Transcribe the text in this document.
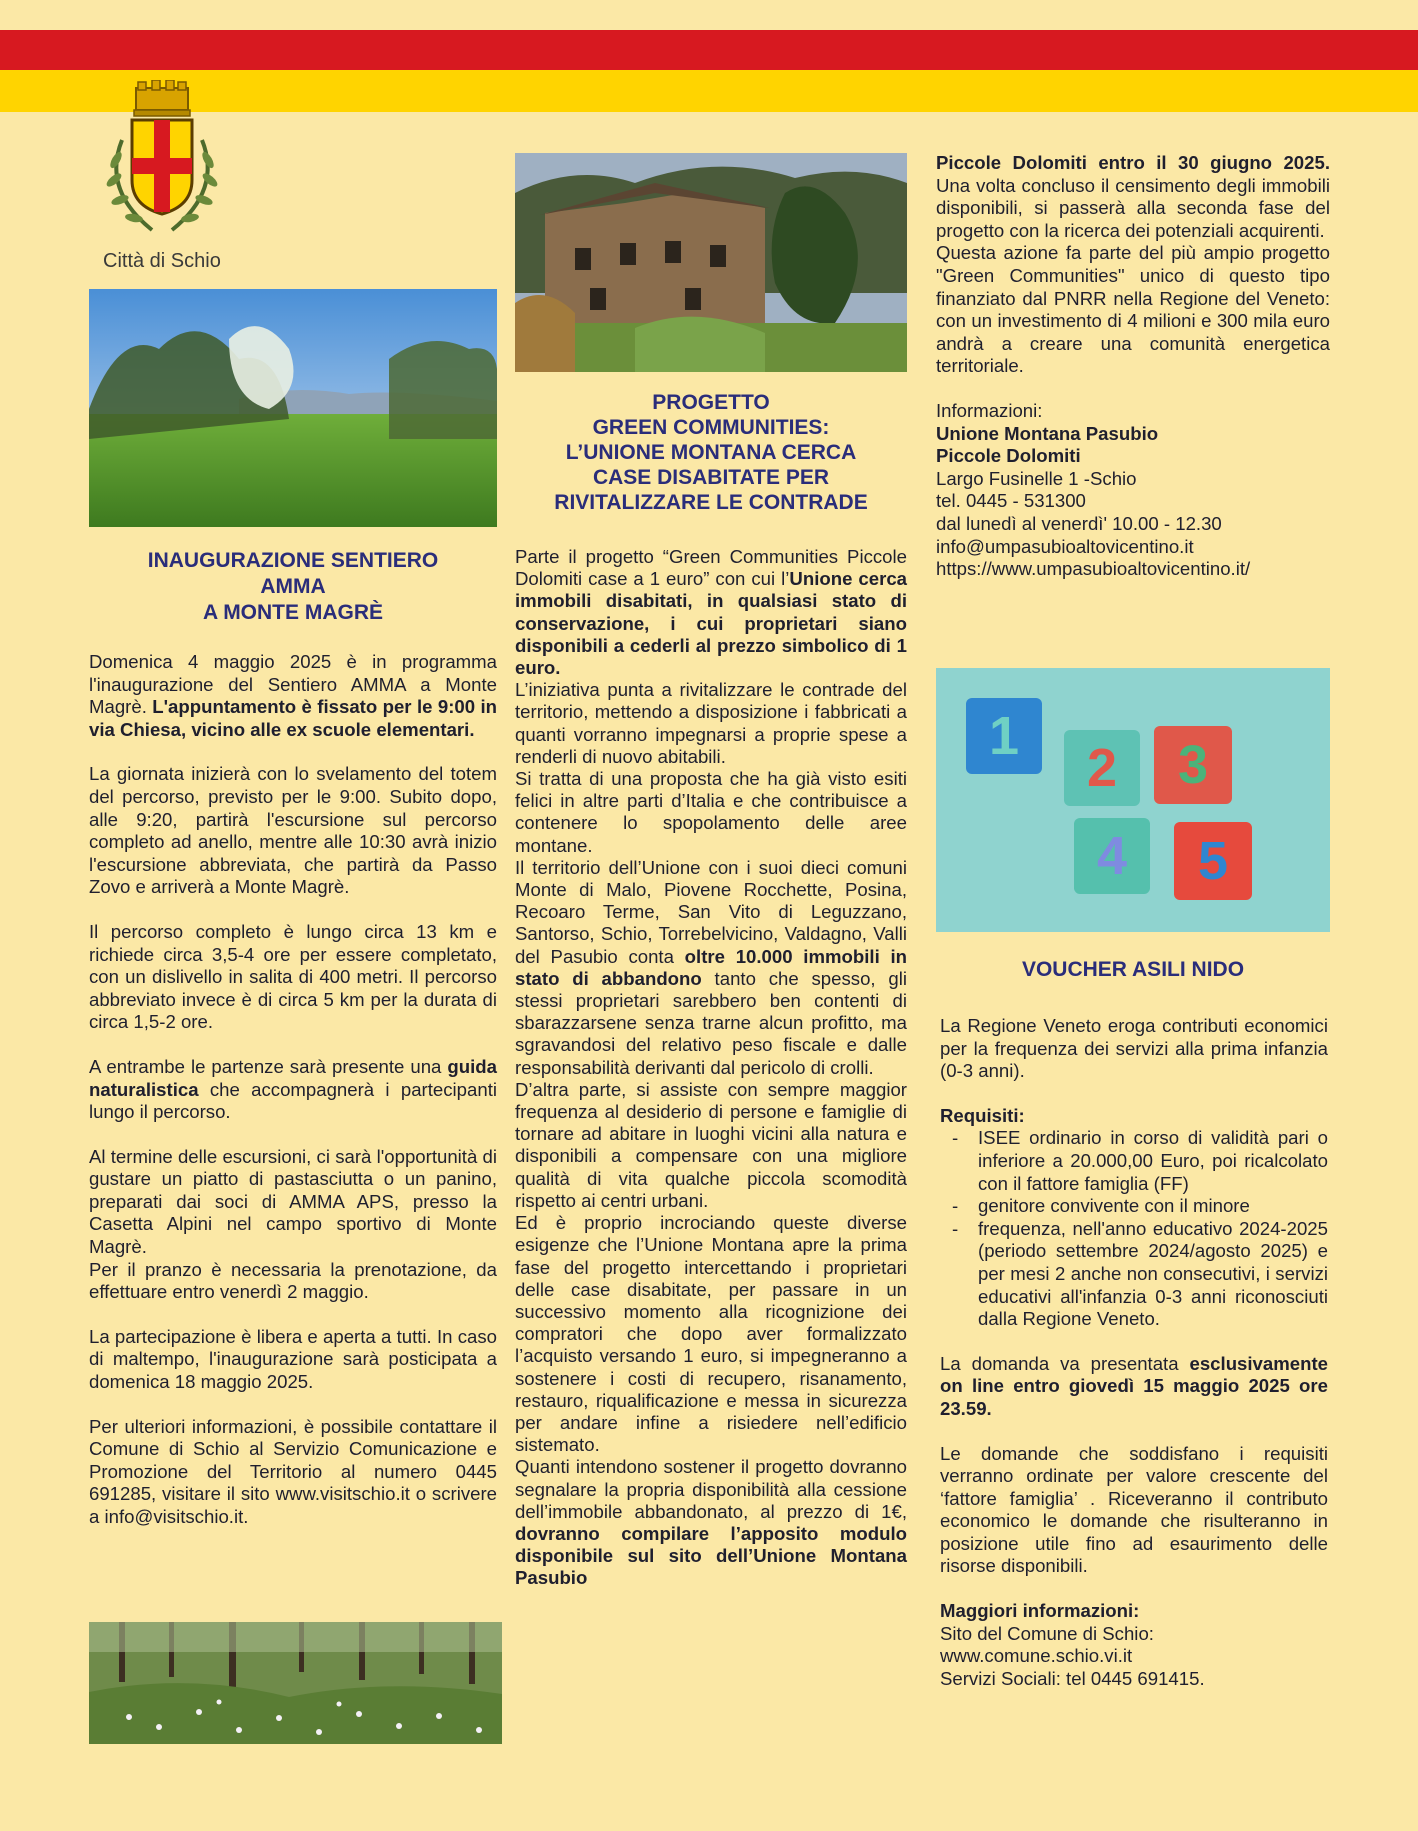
Città di Schio
1
2	3
4	5
INAUGURAZIONE SENTIERO
AMMA
A MONTE MAGRÈ

Domenica 4 maggio 2025 è in programma l'inaugurazione del Sentiero AMMA a Monte Magrè. L'appuntamento è fissato per le 9:00 in via Chiesa, vicino alle ex scuole elementari.

La giornata inizierà con lo svelamento del totem del percorso, previsto per le 9:00. Subito dopo, alle 9:20, partirà l'escursione sul percorso completo ad anello, mentre alle 10:30 avrà inizio l'escursione abbreviata, che partirà da Passo Zovo e arriverà a Monte Magrè.

Il percorso completo è lungo circa 13 km e richiede circa 3,5-4 ore per essere completato, con un dislivello in salita di 400 metri. Il percorso abbreviato invece è di circa 5 km per la durata di circa 1,5-2 ore.

A entrambe le partenze sarà presente una guida naturalistica che accompagnerà i partecipanti lungo il percorso.

Al termine delle escursioni, ci sarà l'opportunità di gustare un piatto di pastasciutta o un panino, preparati dai soci di AMMA APS, presso la Casetta Alpini nel campo sportivo di Monte Magrè.

Per il pranzo è necessaria la prenotazione, da effettuare entro venerdì 2 maggio.

La partecipazione è libera e aperta a tutti. In caso di maltempo, l'inaugurazione sarà posticipata a domenica 18 maggio 2025.

Per ulteriori informazioni, è possibile contattare il Comune di Schio al Servizio Comunicazione e Promozione del Territorio al numero 0445 691285, visitare il sito www.visitschio.it o scrivere a info@visitschio.it.

PROGETTO
GREEN COMMUNITIES:
L’UNIONE MONTANA CERCA
CASE DISABITATE PER
RIVITALIZZARE LE CONTRADE

Parte il progetto “Green Communities Piccole Dolomiti case a 1 euro” con cui l’Unione cerca immobili disabitati, in qualsiasi stato di conservazione, i cui proprietari siano disponibili a cederli al prezzo simbolico di 1 euro.

L’iniziativa punta a rivitalizzare le contrade del territorio, mettendo a disposizione i fabbricati a quanti vorranno impegnarsi a proprie spese a renderli di nuovo abitabili.

Si tratta di una proposta che ha già visto esiti felici in altre parti d’Italia e che contribuisce a contenere lo spopolamento delle aree montane.

Il territorio dell’Unione con i suoi dieci comuni Monte di Malo, Piovene Rocchette, Posina, Recoaro Terme, San Vito di Leguzzano, Santorso, Schio, Torrebelvicino, Valdagno, Valli del Pasubio conta oltre 10.000 immobili in stato di abbandono tanto che spesso, gli stessi proprietari sarebbero ben contenti di sbarazzarsene senza trarne alcun profitto, ma sgravandosi del relativo peso fiscale e dalle responsabilità derivanti dal pericolo di crolli.

D’altra parte, si assiste con sempre maggior frequenza al desiderio di persone e famiglie di tornare ad abitare in luoghi vicini alla natura e disponibili a compensare con una migliore qualità di vita qualche piccola scomodità rispetto ai centri urbani.

Ed è proprio incrociando queste diverse esigenze che l’Unione Montana apre la prima fase del progetto intercettando i proprietari delle case disabitate, per passare in un successivo momento alla ricognizione dei compratori che dopo aver formalizzato l’acquisto versando 1 euro, si impegneranno a sostenere i costi di recupero, risanamento, restauro, riqualificazione e messa in sicurezza per andare infine a risiedere nell’edificio sistemato.

Quanti intendono sostener il progetto dovranno segnalare la propria disponibilità alla cessione dell’immobile abbandonato, al prezzo di 1€, dovranno compilare l’apposito modulo disponibile sul sito dell’Unione Montana Pasubio

Piccole Dolomiti entro il 30 giugno 2025. Una volta concluso il censimento degli immobili disponibili, si passerà alla seconda fase del progetto con la ricerca dei potenziali acquirenti.

Questa azione fa parte del più ampio progetto "Green Communities" unico di questo tipo finanziato dal PNRR nella Regione del Veneto: con un investimento di 4 milioni e 300 mila euro andrà a creare una comunità energetica territoriale.

Informazioni:
Unione Montana Pasubio
Piccole Dolomiti
Largo Fusinelle 1 -Schio
tel. 0445 - 531300
dal lunedì al venerdì' 10.00 - 12.30
info@umpasubioaltovicentino.it
https://www.umpasubioaltovicentino.it/
VOUCHER ASILI NIDO

La Regione Veneto eroga contributi economici per la frequenza dei servizi alla prima infanzia (0-3 anni).

Requisiti:

- ISEE ordinario in corso di validità pari o inferiore a 20.000,00 Euro, poi ricalcolato con il fattore famiglia (FF)
- genitore convivente con il minore
- frequenza, nell'anno educativo 2024-2025 (periodo settembre 2024/agosto 2025) e per mesi 2 anche non consecutivi, i servizi educativi all'infanzia 0-3 anni riconosciuti dalla Regione Veneto.

La domanda va presentata esclusivamente on line entro giovedì 15 maggio 2025 ore 23.59.

Le domande che soddisfano i requisiti verranno ordinate per valore crescente del ‘fattore famiglia’ . Riceveranno il contributo economico le domande che risulteranno in posizione utile fino ad esaurimento delle risorse disponibili.

Maggiori informazioni:
Sito del Comune di Schio:
www.comune.schio.vi.it
Servizi Sociali: tel 0445 691415.
